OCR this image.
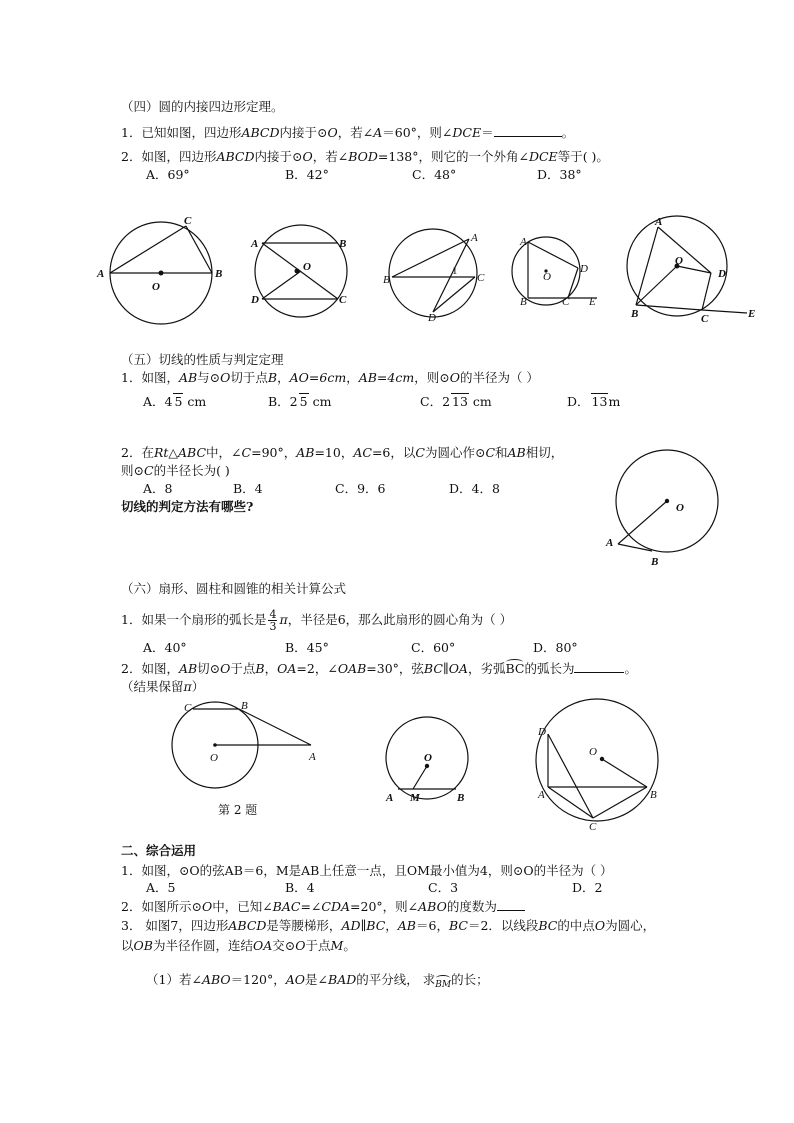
（四）圆的内接四边形定理。
1．已知如图，四边形ABCD内接于⊙O，若∠A＝60°，则∠DCE＝	。
2．如图，四边形ABCD内接于⊙O，若∠BOD=138°，则它的一个外角∠DCE等于( )。
A．69°	B．42°	C．48°	D．38°
C
A
O
B
A	B
O
D	C
A
B
1
C
D
A
D
O
B	C E
A
O
D
B	C	E
（五）切线的性质与判定定理
1．如图，AB与⊙O切于点B，AO=6cm，AB=4cm，则⊙O的半径为（ ）
A．4 5 cm	B．2 5 cm	C．2 13 cm	D． 13m
2．在Rt△ABC中，∠C=90°，AB=10，AC=6，以C为圆心作⊙C和AB相切，
则⊙C的半径长为( )
A．8	B．4	C．9．6	D．4．8
切线的判定方法有哪些?	O
A
B
（六）扇形、圆柱和圆锥的相关计算公式
1．如果一个扇形的弧长是 $\frac{4}{3}$ π，半径是6，那么此扇形的圆心角为（ ）
A．40°	B．45°	C．60°	D．80°
2．如图，AB切⊙O于点B，OA=2，∠OAB=30°，弦BC∥OA，劣弧BC的弧长为	。
（结果保留π）
C	B
O	A
第 2 题
O
A M	B
D
O
A	B
C
二、综合运用
1．如图，⊙O的弦AB＝6，M是AB上任意一点，且OM最小值为4，则⊙O的半径为（ ）
A．5	B．4	C．3	D．2
2．如图所示⊙O中，已知∠BAC=∠CDA=20°，则∠ABO的度数为
3． 如图7，四边形ABCD是等腰梯形，AD∥BC，AB＝6，BC＝2．以线段BC的中点O为圆心，
以OB为半径作圆，连结OA交⊙O于点M。
（1）若∠ABO＝120°，AO是∠BAD的平分线， 求BM的长；
